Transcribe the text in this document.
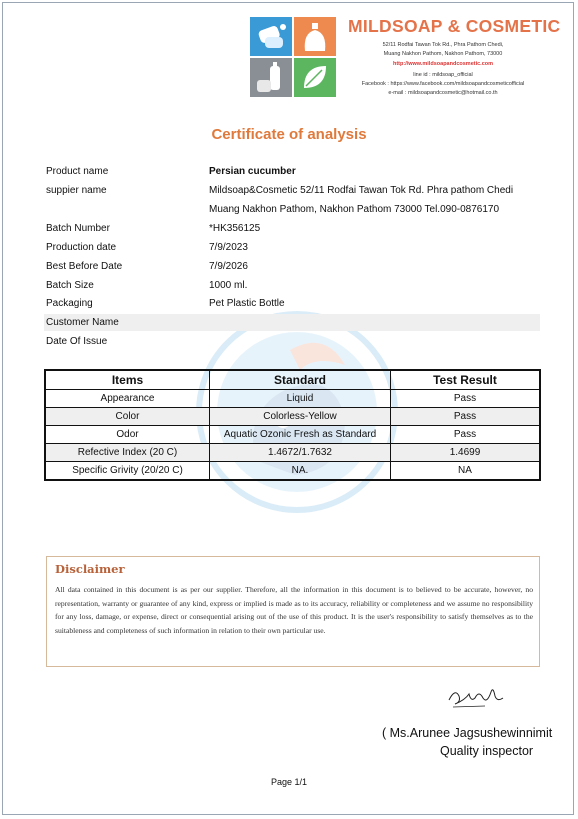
MILDSOAP & COSMETIC
52/11 Rodfai Tawan Tok Rd., Phra Pathom Chedi,
Muang Nakhon Pathom, Nakhon Pathom, 73000
http://www.mildsoapandcosmetic.com
line id : mildsoap_official
Facebook : https://www.facebook.com/mildsoapandcosmeticofficial
e-mail : mildsoapandcosmetic@hotmail.co.th
Certificate of analysis
Product name	Persian cucumber
suppier name	Mildsoap&Cosmetic 52/11 Rodfai Tawan Tok Rd. Phra pathom Chedi
Muang Nakhon Pathom, Nakhon Pathom 73000 Tel.090-0876170
Batch Number	*HK356125
Production date	7/9/2023
Best Before Date	7/9/2026
Batch Size	1000 ml.
Packaging	Pet Plastic Bottle
Customer Name
Date Of Issue
Items	Standard	Test Result
Appearance	Liquid	Pass
Color	Colorless-Yellow	Pass
Odor	Aquatic Ozonic Fresh as Standard	Pass
Refective Index (20 C)	1.4672/1.7632	1.4699
Specific Grivity (20/20 C)	NA.	NA
Disclaimer
All data contained in this document is as per our supplier. Therefore, all the information in this document is to believed to be accurate, however, no representation, warranty or guarantee of any kind, express or implied is made as to its accuracy, reliability or completeness and we assume no responsibility for any loss, damage, or expense, direct or consequential arising out of the use of this product. It is the user's responsibility to satisfy themselves as to the suitableness and completeness of such information in relation to their own particular use.
( Ms.Arunee Jagsushewinnimit
Quality inspector
Page 1/1
